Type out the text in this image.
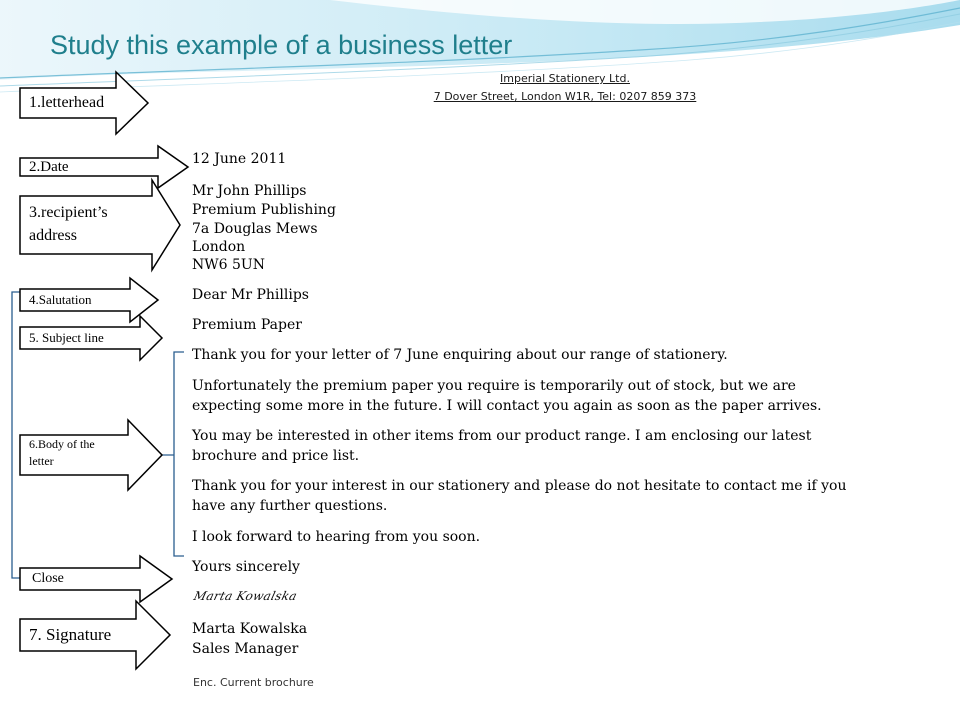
Study this example of a business letter
Imperial Stationery Ltd.
7 Dover Street, London W1R, Tel: 0207 859 373

12 June 2011

Mr John Phillips

Premium Publishing

7a Douglas Mews

London

NW6 5UN

Dear Mr Phillips

Premium Paper

Thank you for your letter of 7 June enquiring about our range of stationery.

Unfortunately the premium paper you require is temporarily out of stock, but we are

expecting some more in the future. I will contact you again as soon as the paper arrives.

You may be interested in other items from our product range. I am enclosing our latest

brochure and price list.

Thank you for your interest in our stationery and please do not hesitate to contact me if you

have any further questions.

I look forward to hearing from you soon.

Yours sincerely

Marta Kowalska

Marta Kowalska

Sales Manager

Enc. Current brochure

1.letterhead
2.Date
3.recipient’s
address
4.Salutation
5. Subject line
6.Body of the
letter
Close
7. Signature
